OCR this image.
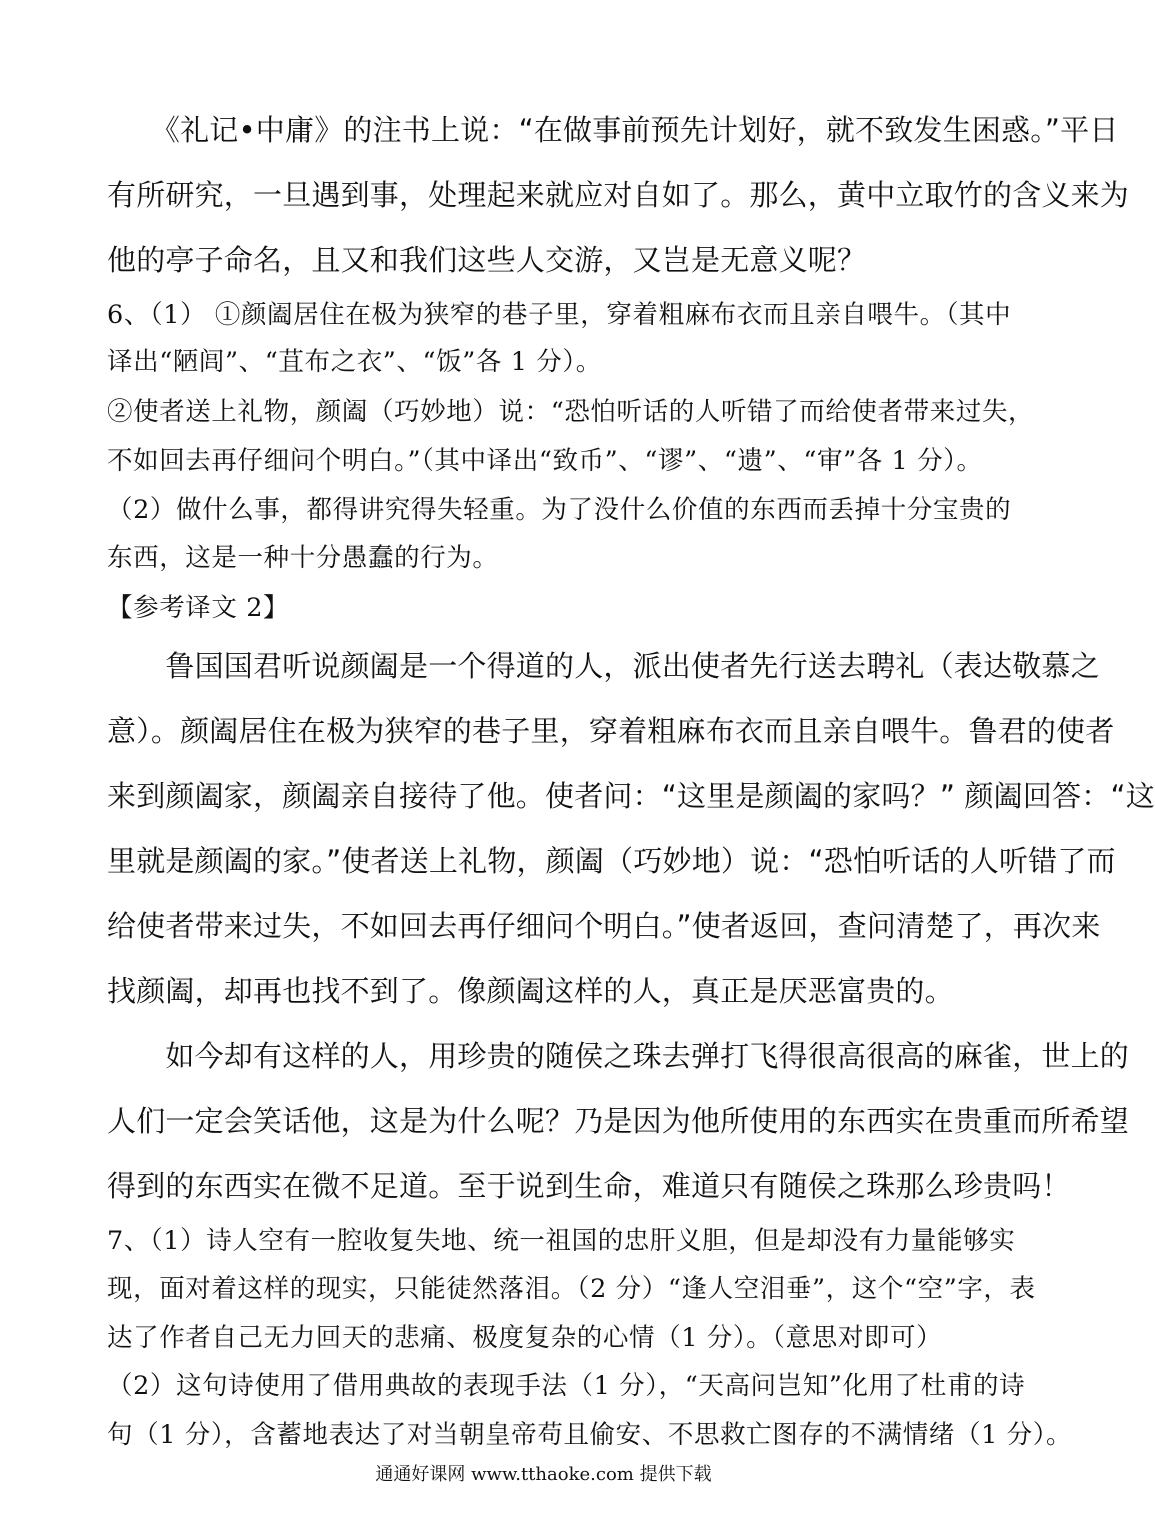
　　《礼记•中庸》的注书上说：“在做事前预先计划好，就不致发生困惑。”平日
有所研究，一旦遇到事，处理起来就应对自如了。那么，黄中立取竹的含义来为
他的亭子命名，且又和我们这些人交游，又岂是无意义呢？
6、（1） ①颜阖居住在极为狭窄的巷子里，穿着粗麻布衣而且亲自喂牛。（其中
译出“陋闾”、“苴布之衣”、“饭”各 1 分）。
②使者送上礼物，颜阖（巧妙地）说：“恐怕听话的人听错了而给使者带来过失，
不如回去再仔细问个明白。”（其中译出“致币”、“谬”、“遗”、“审”各 1 分）。
（2）做什么事，都得讲究得失轻重。为了没什么价值的东西而丢掉十分宝贵的
东西，这是一种十分愚蠢的行为。
【参考译文 2】
　　鲁国国君听说颜阖是一个得道的人，派出使者先行送去聘礼（表达敬慕之
意）。颜阖居住在极为狭窄的巷子里，穿着粗麻布衣而且亲自喂牛。鲁君的使者
来到颜阖家，颜阖亲自接待了他。使者问：“这里是颜阖的家吗？” 颜阖回答：“这
里就是颜阖的家。”使者送上礼物，颜阖（巧妙地）说：“恐怕听话的人听错了而
给使者带来过失，不如回去再仔细问个明白。”使者返回，查问清楚了，再次来
找颜阖，却再也找不到了。像颜阖这样的人，真正是厌恶富贵的。
　　如今却有这样的人，用珍贵的随侯之珠去弹打飞得很高很高的麻雀，世上的
人们一定会笑话他，这是为什么呢？乃是因为他所使用的东西实在贵重而所希望
得到的东西实在微不足道。至于说到生命，难道只有随侯之珠那么珍贵吗！
7、（1）诗人空有一腔收复失地、统一祖国的忠肝义胆，但是却没有力量能够实
现，面对着这样的现实，只能徒然落泪。（2 分）“逢人空泪垂”，这个“空”字，表
达了作者自己无力回天的悲痛、极度复杂的心情（1 分）。（意思对即可）
（2）这句诗使用了借用典故的表现手法（1 分），“天高问岂知”化用了杜甫的诗
句（1 分），含蓄地表达了对当朝皇帝苟且偷安、不思救亡图存的不满情绪（1 分）。
通通好课网 www.tthaoke.com 提供下载
